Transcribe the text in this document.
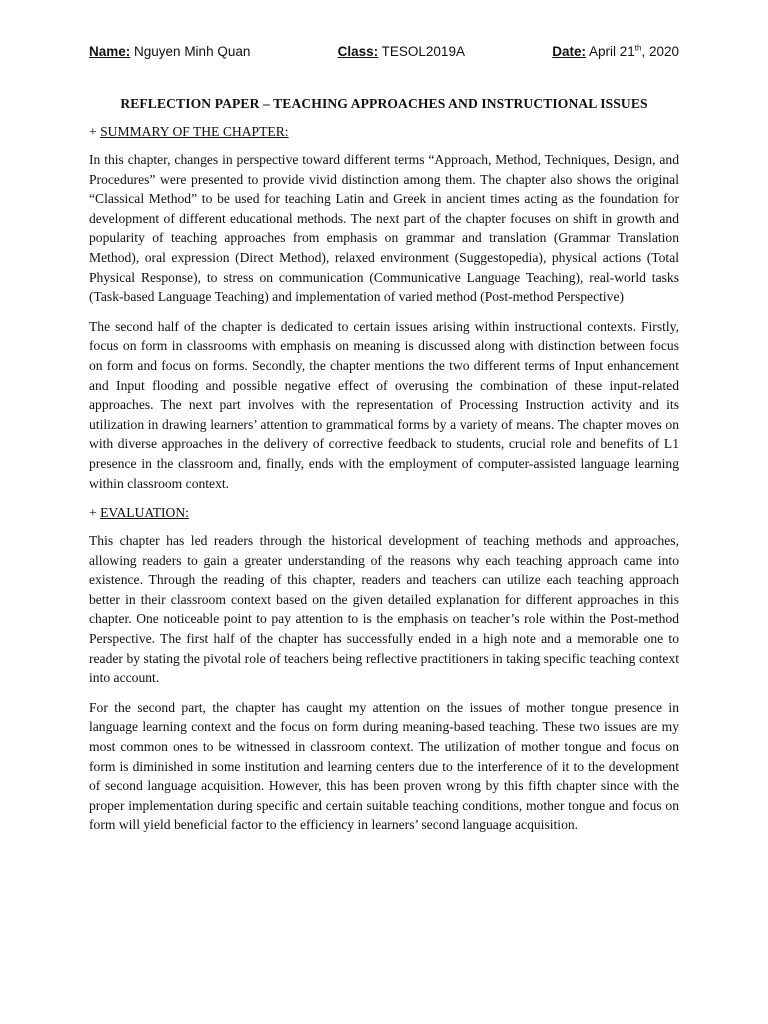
Name: Nguyen Minh Quan	Class: TESOL2019A	Date: April 21th, 2020
REFLECTION PAPER – TEACHING APPROACHES AND INSTRUCTIONAL ISSUES
+ SUMMARY OF THE CHAPTER:

In this chapter, changes in perspective toward different terms “Approach, Method, Techniques, Design, and Procedures” were presented to provide vivid distinction among them. The chapter also shows the original “Classical Method” to be used for teaching Latin and Greek in ancient times acting as the foundation for development of different educational methods. The next part of the chapter focuses on shift in growth and popularity of teaching approaches from emphasis on grammar and translation (Grammar Translation Method), oral expression (Direct Method), relaxed environment (Suggestopedia), physical actions (Total Physical Response), to stress on communication (Communicative Language Teaching), real-world tasks (Task-based Language Teaching) and implementation of varied method (Post-method Perspective)

The second half of the chapter is dedicated to certain issues arising within instructional contexts. Firstly, focus on form in classrooms with emphasis on meaning is discussed along with distinction between focus on form and focus on forms. Secondly, the chapter mentions the two different terms of Input enhancement and Input flooding and possible negative effect of overusing the combination of these input-related approaches. The next part involves with the representation of Processing Instruction activity and its utilization in drawing learners’ attention to grammatical forms by a variety of means. The chapter moves on with diverse approaches in the delivery of corrective feedback to students, crucial role and benefits of L1 presence in the classroom and, finally, ends with the employment of computer-assisted language learning within classroom context.

+ EVALUATION:

This chapter has led readers through the historical development of teaching methods and approaches, allowing readers to gain a greater understanding of the reasons why each teaching approach came into existence. Through the reading of this chapter, readers and teachers can utilize each teaching approach better in their classroom context based on the given detailed explanation for different approaches in this chapter. One noticeable point to pay attention to is the emphasis on teacher’s role within the Post-method Perspective. The first half of the chapter has successfully ended in a high note and a memorable one to reader by stating the pivotal role of teachers being reflective practitioners in taking specific teaching context into account.

For the second part, the chapter has caught my attention on the issues of mother tongue presence in language learning context and the focus on form during meaning-based teaching. These two issues are my most common ones to be witnessed in classroom context. The utilization of mother tongue and focus on form is diminished in some institution and learning centers due to the interference of it to the development of second language acquisition. However, this has been proven wrong by this fifth chapter since with the proper implementation during specific and certain suitable teaching conditions, mother tongue and focus on form will yield beneficial factor to the efficiency in learners’ second language acquisition.
